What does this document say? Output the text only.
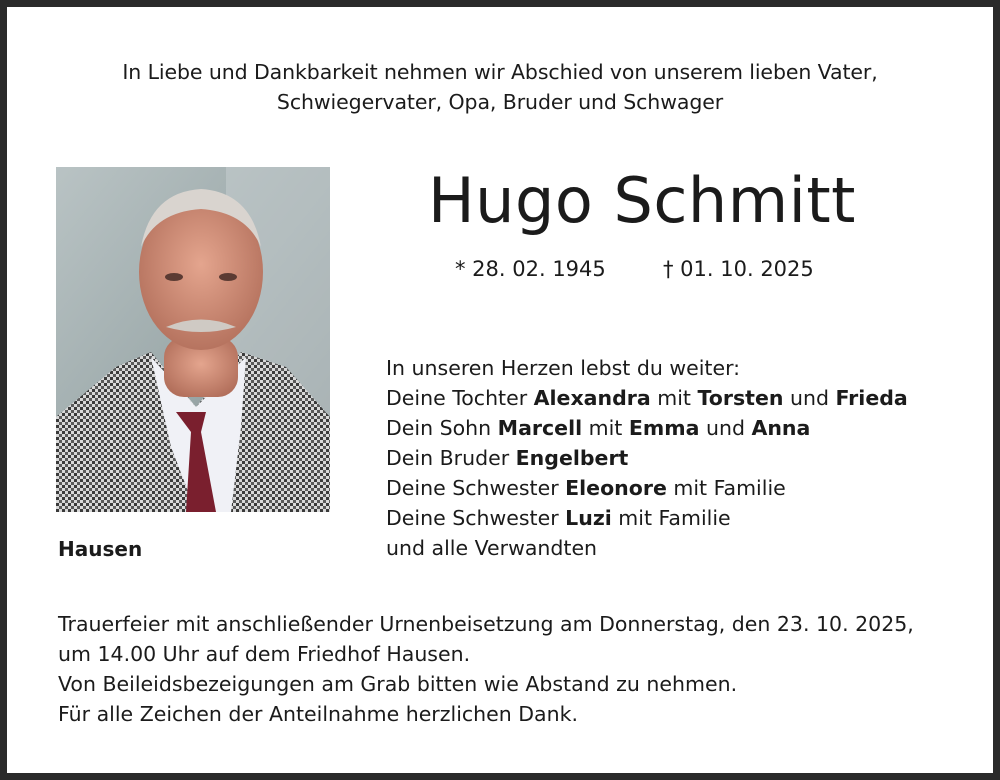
In Liebe und Dankbarkeit nehmen wir Abschied von unserem lieben Vater,
Schwiegervater, Opa, Bruder und Schwager
Hugo Schmitt
* 28. 02. 1945	† 01. 10. 2025
Hausen
In unseren Herzen lebst du weiter:
Deine Tochter Alexandra mit Torsten und Frieda
Dein Sohn Marcell mit Emma und Anna
Dein Bruder Engelbert
Deine Schwester Eleonore mit Familie
Deine Schwester Luzi mit Familie
und alle Verwandten
Trauerfeier mit anschließender Urnenbeisetzung am Donnerstag, den 23. 10. 2025,
um 14.00 Uhr auf dem Friedhof Hausen.
Von Beileidsbezeigungen am Grab bitten wie Abstand zu nehmen.
Für alle Zeichen der Anteilnahme herzlichen Dank.
